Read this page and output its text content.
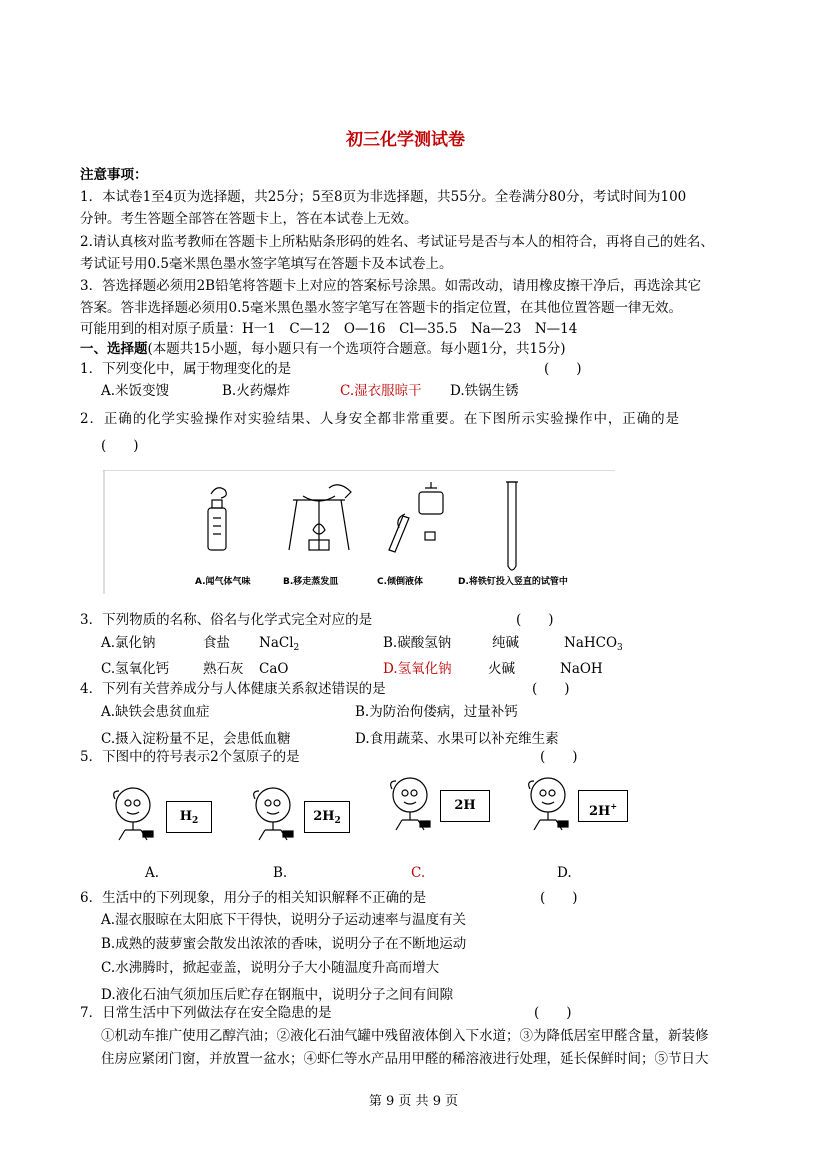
初三化学测试卷
注意事项：
1．本试卷1至4页为选择题，共25分；5至8页为非选择题，共55分。全卷满分80分，考试时间为100
分钟。考生答题全部答在答题卡上，答在本试卷上无效。
2.请认真核对监考教师在答题卡上所粘贴条形码的姓名、考试证号是否与本人的相符合，再将自己的姓名、
考试证号用0.5毫米黑色墨水签字笔填写在答题卡及本试卷上。
3．答选择题必须用2B铅笔将答题卡上对应的答案标号涂黑。如需改动，请用橡皮擦干净后，再选涂其它
答案。答非选择题必须用0.5毫米黑色墨水签字笔写在答题卡的指定位置，在其他位置答题一律无效。
可能用到的相对原子质量：H一1　C—12　O—16　Cl—35.5　Na—23　N—14
一、选择题(本题共15小题，每小题只有一个选项符合题意。每小题1分，共15分)
1．下列变化中，属于物理变化的是	(　　)
A.米饭变馊	B.火药爆炸	C.湿衣服晾干 D.铁锅生锈
2．正确的化学实验操作对实验结果、人身安全都非常重要。在下图所示实验操作中，正确的是
(　　)
A.闻气体气味	B.移走蒸发皿	C.倾倒液体	D.将铁钉投入竖直的试管中
3．下列物质的名称、俗名与化学式完全对应的是	(　　)
A.氯化钠	食盐 NaCl$_2$	B.碳酸氢钠	纯碱	NaHCO$_3$
C.氢氧化钙	熟石灰 CaO	D.氢氧化钠	火碱	NaOH
4．下列有关营养成分与人体健康关系叙述错误的是	(　　)
A.缺铁会患贫血症	B.为防治佝偻病，过量补钙
C.摄入淀粉量不足，会患低血糖	D.食用蔬菜、水果可以补充维生素
5．下图中的符号表示2个氢原子的是	(　　)
$H_2$	$2H_2$
2H	2H+
A.	B.	C.	D.
6．生活中的下列现象，用分子的相关知识解释不正确的是	(　　)
A.湿衣服晾在太阳底下干得快，说明分子运动速率与温度有关
B.成熟的菠萝蜜会散发出浓浓的香味，说明分子在不断地运动
C.水沸腾时，掀起壶盖，说明分子大小随温度升高而增大
D.液化石油气须加压后贮存在钢瓶中，说明分子之间有间隙
7．日常生活中下列做法存在安全隐患的是	(　　)
①机动车推广使用乙醇汽油；②液化石油气罐中残留液体倒入下水道；③为降低居室甲醛含量，新装修
住房应紧闭门窗，并放置一盆水；④虾仁等水产品用甲醛的稀溶液进行处理，延长保鲜时间；⑤节日大
第 9 页 共 9 页
